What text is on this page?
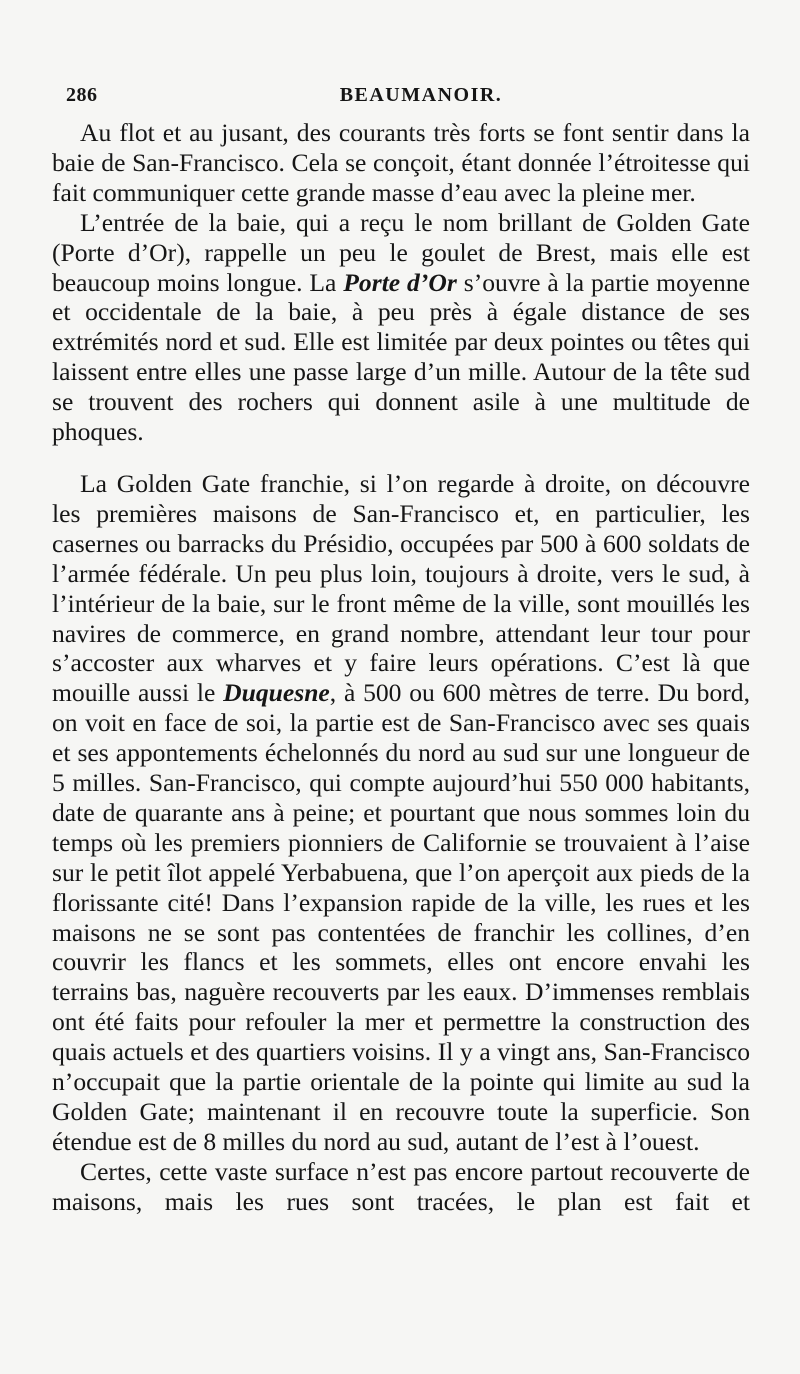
286	BEAUMANOIR.

Au flot et au jusant, des courants très forts se font sentir dans la baie de San-Francisco. Cela se conçoit, étant donnée l’étroitesse qui fait communiquer cette grande masse d’eau avec la pleine mer.

L’entrée de la baie, qui a reçu le nom brillant de Golden Gate (Porte d’Or), rappelle un peu le goulet de Brest, mais elle est beaucoup moins longue. La Porte d’Or s’ouvre à la partie moyenne et occidentale de la baie, à peu près à égale distance de ses extrémités nord et sud. Elle est limitée par deux pointes ou têtes qui laissent entre elles une passe large d’un mille. Autour de la tête sud se trouvent des rochers qui donnent asile à une multitude de phoques.

La Golden Gate franchie, si l’on regarde à droite, on découvre les premières maisons de San-Francisco et, en particulier, les casernes ou barracks du Présidio, occupées par 500 à 600 soldats de l’armée fédérale. Un peu plus loin, toujours à droite, vers le sud, à l’intérieur de la baie, sur le front même de la ville, sont mouillés les navires de commerce, en grand nombre, attendant leur tour pour s’accoster aux wharves et y faire leurs opérations. C’est là que mouille aussi le Duquesne, à 500 ou 600 mètres de terre. Du bord, on voit en face de soi, la partie est de San-Francisco avec ses quais et ses appontements échelonnés du nord au sud sur une longueur de 5 milles. San-Francisco, qui compte aujourd’hui 550 000 habitants, date de quarante ans à peine; et pourtant que nous sommes loin du temps où les premiers pionniers de Californie se trouvaient à l’aise sur le petit îlot appelé Yerbabuena, que l’on aperçoit aux pieds de la florissante cité! Dans l’expansion rapide de la ville, les rues et les maisons ne se sont pas contentées de franchir les collines, d’en couvrir les flancs et les sommets, elles ont encore envahi les terrains bas, naguère recouverts par les eaux. D’immenses remblais ont été faits pour refouler la mer et permettre la construction des quais actuels et des quartiers voisins. Il y a vingt ans, San-Francisco n’occupait que la partie orientale de la pointe qui limite au sud la Golden Gate; maintenant il en recouvre toute la superficie. Son étendue est de 8 milles du nord au sud, autant de l’est à l’ouest.

Certes, cette vaste surface n’est pas encore partout recouverte de maisons, mais les rues sont tracées, le plan est fait et
